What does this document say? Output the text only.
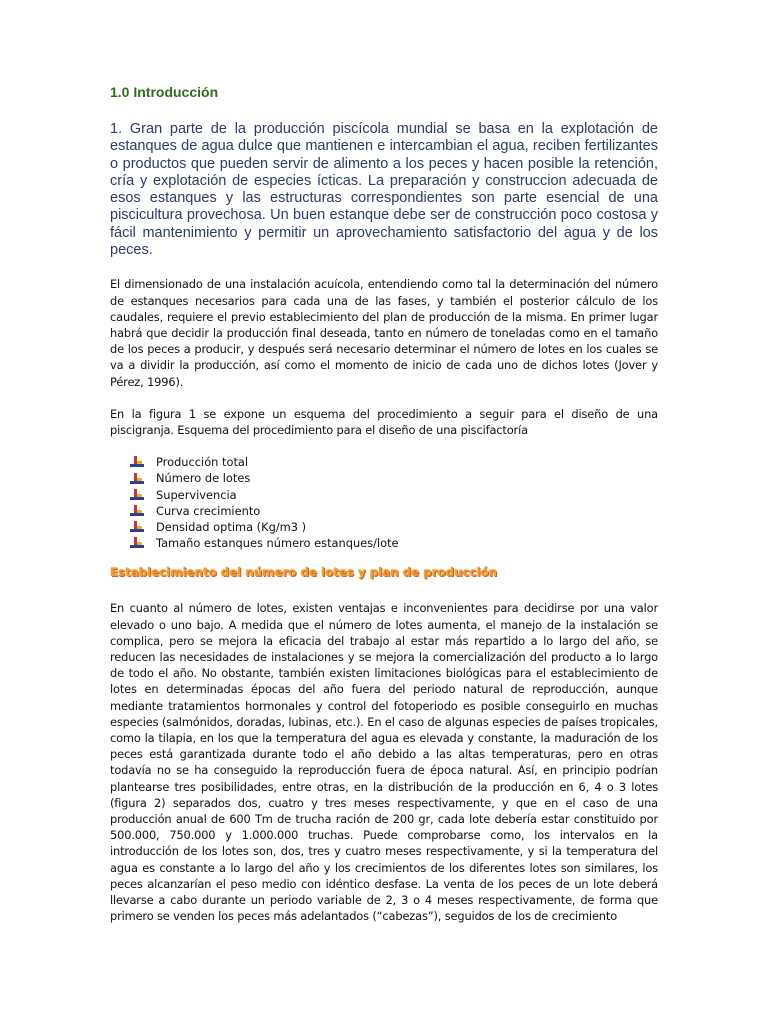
1.0 Introducción

1. Gran parte de la producción piscícola mundial se basa en la explotación de estanques de agua dulce que mantienen e intercambian el agua, reciben fertilizantes o productos que pueden servir de alimento a los peces y hacen posible la retención, cría y explotación de especies ícticas. La preparación y construccion adecuada de esos estanques y las estructuras correspondientes son parte esencial de una piscicultura provechosa. Un buen estanque debe ser de construcción poco costosa y fácil mantenimiento y permitir un aprovechamiento satisfactorio del agua y de los peces.

El dimensionado de una instalación acuícola, entendiendo como tal la determinación del número de estanques necesarios para cada una de las fases, y también el posterior cálculo de los caudales, requiere el previo establecimiento del plan de producción de la misma. En primer lugar habrá que decidir la producción final deseada, tanto en número de toneladas como en el tamaño de los peces a producir, y después será necesario determinar el número de lotes en los cuales se va a dividir la producción, así como el momento de inicio de cada uno de dichos lotes (Jover y Pérez, 1996).

En la figura 1 se expone un esquema del procedimiento a seguir para el diseño de una piscigranja. Esquema del procedimiento para el diseño de una piscifactoría

Producción total
Número de lotes
Supervivencia
Curva crecimiento
Densidad optima (Kg/m3 )
Tamaño estanques número estanques/lote
Establecimiento del número de lotes y plan de producción

En cuanto al número de lotes, existen ventajas e inconvenientes para decidirse por una valor elevado o uno bajo. A medida que el número de lotes aumenta, el manejo de la instalación se complica, pero se mejora la eficacia del trabajo al estar más repartido a lo largo del año, se reducen las necesidades de instalaciones y se mejora la comercialización del producto a lo largo de todo el año. No obstante, también existen limitaciones biológicas para el establecimiento de lotes en determinadas épocas del año fuera del periodo natural de reproducción, aunque mediante tratamientos hormonales y control del fotoperiodo es posible conseguirlo en muchas especies (salmónidos, doradas, lubinas, etc.). En el caso de algunas especies de países tropicales, como la tilapia, en los que la temperatura del agua es elevada y constante, la maduración de los peces está garantizada durante todo el año debido a las altas temperaturas, pero en otras todavía no se ha conseguido la reproducción fuera de época natural. Así, en principio podrían plantearse tres posibilidades, entre otras, en la distribución de la producción en 6, 4 o 3 lotes (figura 2) separados dos, cuatro y tres meses respectivamente, y que en el caso de una producción anual de 600 Tm de trucha ración de 200 gr, cada lote debería estar constituido por 500.000, 750.000 y 1.000.000 truchas. Puede comprobarse como, los intervalos en la introducción de los lotes son, dos, tres y cuatro meses respectivamente, y si la temperatura del agua es constante a lo largo del año y los crecimientos de los diferentes lotes son similares, los peces alcanzarían el peso medio con idéntico desfase. La venta de los peces de un lote deberá llevarse a cabo durante un periodo variable de 2, 3 o 4 meses respectivamente, de forma que primero se venden los peces más adelantados (“cabezas”), seguidos de los de crecimiento
